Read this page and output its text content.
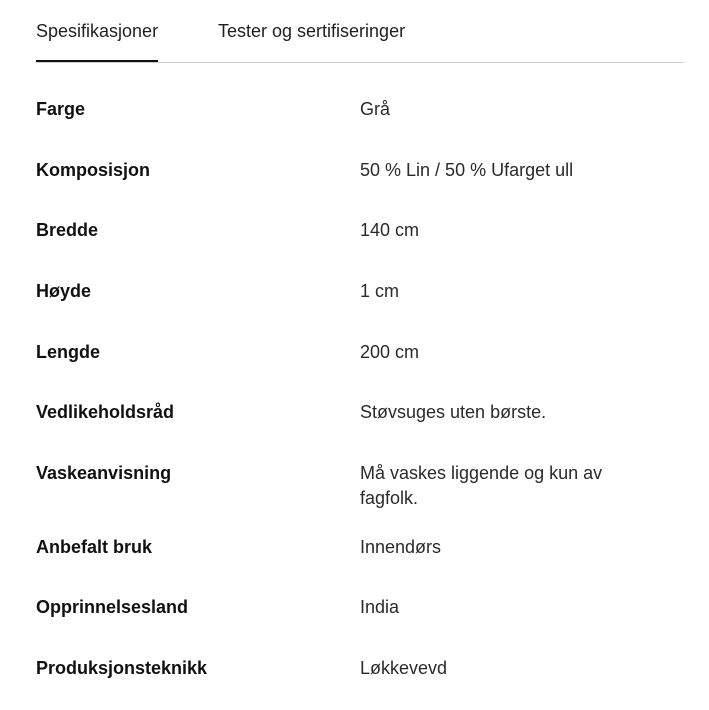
Spesifikasjoner	Tester og sertifiseringer
Farge	Grå
Komposisjon	50 % Lin / 50 % Ufarget ull
Bredde	140 cm
Høyde	1 cm
Lengde	200 cm
Vedlikeholdsråd	Støvsuges uten børste.
Vaskeanvisning	Må vaskes liggende og kun av fagfolk.
Anbefalt bruk	Innendørs
Opprinnelsesland	India
Produksjonsteknikk	Løkkevevd
